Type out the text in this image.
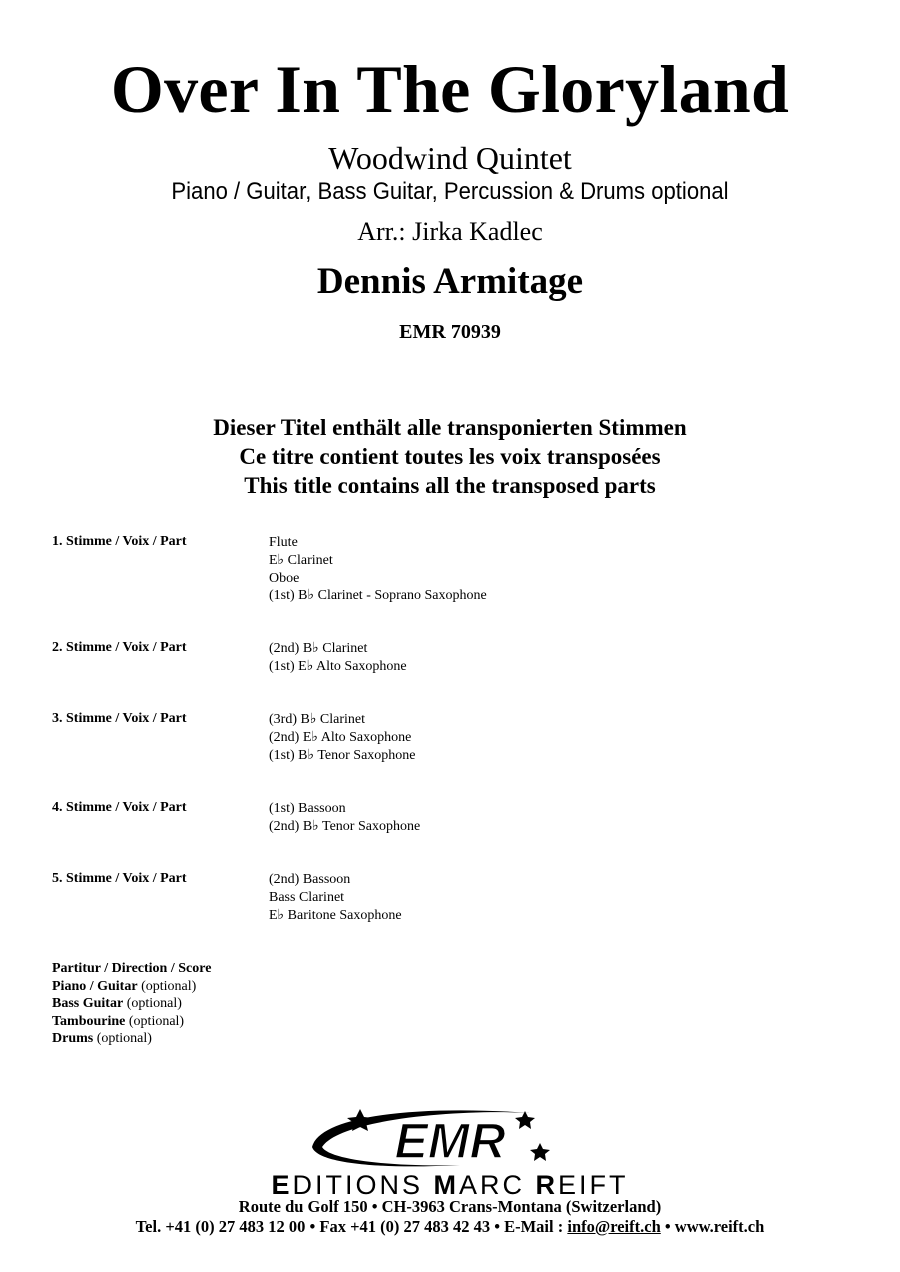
Over In The Gloryland
Woodwind Quintet
Piano / Guitar, Bass Guitar, Percussion & Drums optional
Arr.: Jirka Kadlec
Dennis Armitage
EMR 70939
Dieser Titel enthält alle transponierten Stimmen
Ce titre contient toutes les voix transposées
This title contains all the transposed parts
1. Stimme / Voix / Part	Flute
E♭ Clarinet
Oboe
(1st) B♭ Clarinet - Soprano Saxophone
2. Stimme / Voix / Part	(2nd) B♭ Clarinet
(1st) E♭ Alto Saxophone
3. Stimme / Voix / Part	(3rd) B♭ Clarinet
(2nd) E♭ Alto Saxophone
(1st) B♭ Tenor Saxophone
4. Stimme / Voix / Part	(1st) Bassoon
(2nd) B♭ Tenor Saxophone
5. Stimme / Voix / Part	(2nd) Bassoon
Bass Clarinet
E♭ Baritone Saxophone
Partitur / Direction / Score
Piano / Guitar (optional)
Bass Guitar (optional)
Tambourine (optional)
Drums (optional)
EMR
EDITIONS MARC REIFT
Route du Golf 150 • CH-3963 Crans-Montana (Switzerland)
Tel. +41 (0) 27 483 12 00 • Fax +41 (0) 27 483 42 43 • E-Mail : info@reift.ch • www.reift.ch
